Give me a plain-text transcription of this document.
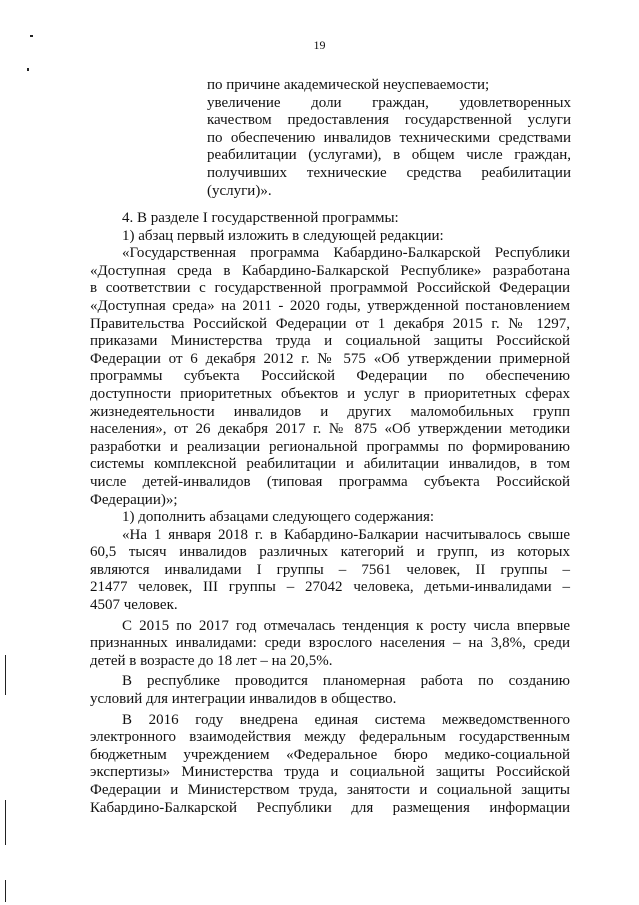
19
по причине академической неуспеваемости;
увеличение доли граждан, удовлетворенных
качеством предоставления государственной услуги
по обеспечению инвалидов техническими средствами
реабилитации (услугами), в общем числе граждан,
получивших технические средства реабилитации
(услуги)».
4. В разделе I государственной программы:
1) абзац первый изложить в следующей редакции:
«Государственная программа Кабардино-Балкарской Республики
«Доступная среда в Кабардино-Балкарской Республике» разработана
в соответствии с государственной программой Российской Федерации
«Доступная среда» на 2011 - 2020 годы, утвержденной постановлением
Правительства Российской Федерации от 1 декабря 2015 г. № 1297,
приказами Министерства труда и социальной защиты Российской
Федерации от 6 декабря 2012 г. № 575 «Об утверждении примерной
программы субъекта Российской Федерации по обеспечению
доступности приоритетных объектов и услуг в приоритетных сферах
жизнедеятельности инвалидов и других маломобильных групп
населения», от 26 декабря 2017 г. № 875 «Об утверждении методики
разработки и реализации региональной программы по формированию
системы комплексной реабилитации и абилитации инвалидов, в том
числе детей-инвалидов (типовая программа субъекта Российской
Федерации)»;
1) дополнить абзацами следующего содержания:
«На 1 января 2018 г. в Кабардино-Балкарии насчитывалось свыше
60,5 тысяч инвалидов различных категорий и групп, из которых
являются инвалидами I группы – 7561 человек, II группы –
21477 человек, III группы – 27042 человека, детьми-инвалидами –
4507 человек.
С 2015 по 2017 год отмечалась тенденция к росту числа впервые
признанных инвалидами: среди взрослого населения – на 3,8%, среди
детей в возрасте до 18 лет – на 20,5%.
В республике проводится планомерная работа по созданию
условий для интеграции инвалидов в общество.
В 2016 году внедрена единая система межведомственного
электронного взаимодействия между федеральным государственным
бюджетным учреждением «Федеральное бюро медико-социальной
экспертизы» Министерства труда и социальной защиты Российской
Федерации и Министерством труда, занятости и социальной защиты
Кабардино-Балкарской Республики для размещения информации
